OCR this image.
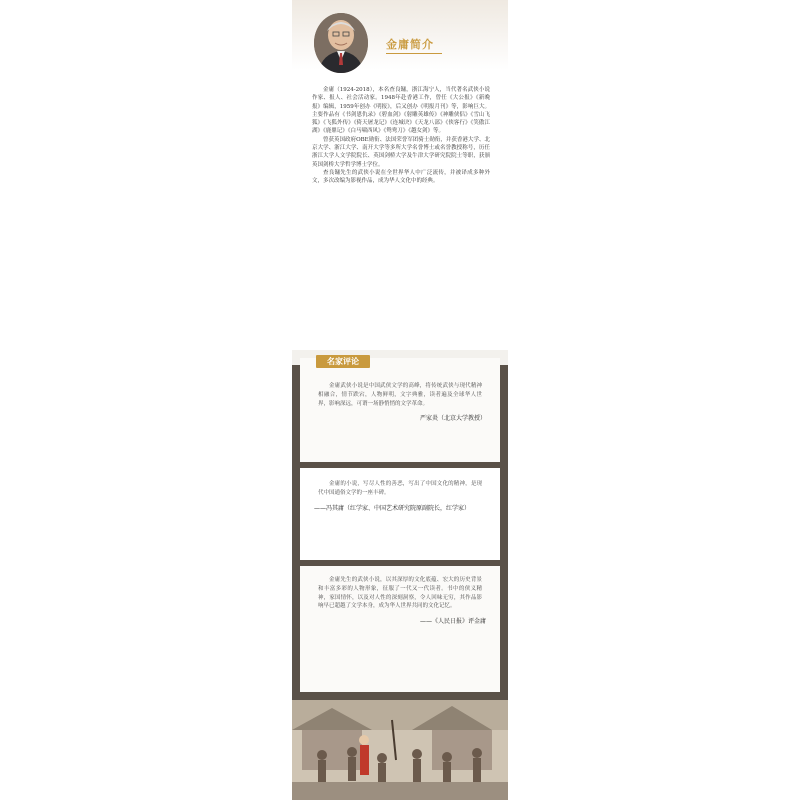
金庸简介

金庸（1924-2018），本名查良镛，浙江海宁人，当代著名武侠小说作家、报人、社会活动家。1948年赴香港工作，曾任《大公报》《新晚报》编辑，1959年创办《明报》，后又创办《明报月刊》等，影响巨大。主要作品有《书剑恩仇录》《碧血剑》《射雕英雄传》《神雕侠侣》《雪山飞狐》《飞狐外传》《倚天屠龙记》《连城诀》《天龙八部》《侠客行》《笑傲江湖》《鹿鼎记》《白马啸西风》《鸳鸯刀》《越女剑》等。

曾获英国政府OBE勋衔、法国荣誉军团骑士勋衔，并获香港大学、北京大学、浙江大学、南开大学等多所大学名誉博士或名誉教授称号，历任浙江大学人文学院院长、英国剑桥大学及牛津大学研究院院士等职，获颁英国剑桥大学哲学博士学位。

查良镛先生的武侠小说在全世界华人中广泛流传，并被译成多种外文，多次改编为影视作品，成为华人文化中的经典。

金庸武侠小说是中国武侠文学的高峰，将传统武侠与现代精神相融合，情节跌宕，人物鲜明，文字典雅，读者遍及全球华人世界，影响深远，可谓一场静悄悄的文学革命。

严家炎（北京大学教授）

金庸的小说，写尽人性的善恶，写出了中国文化的精神，是现代中国通俗文学的一座丰碑。

——冯其庸（红学家、中国艺术研究院原副院长，红学家）

金庸先生的武侠小说，以其深厚的文化底蕴、宏大的历史背景和丰富多彩的人物形象，征服了一代又一代读者。书中的侠义精神，家国情怀，以及对人性的深刻洞察，令人回味无穷，其作品影响早已超越了文学本身，成为华人世界共同的文化记忆。

——《人民日报》评金庸

名家评论
